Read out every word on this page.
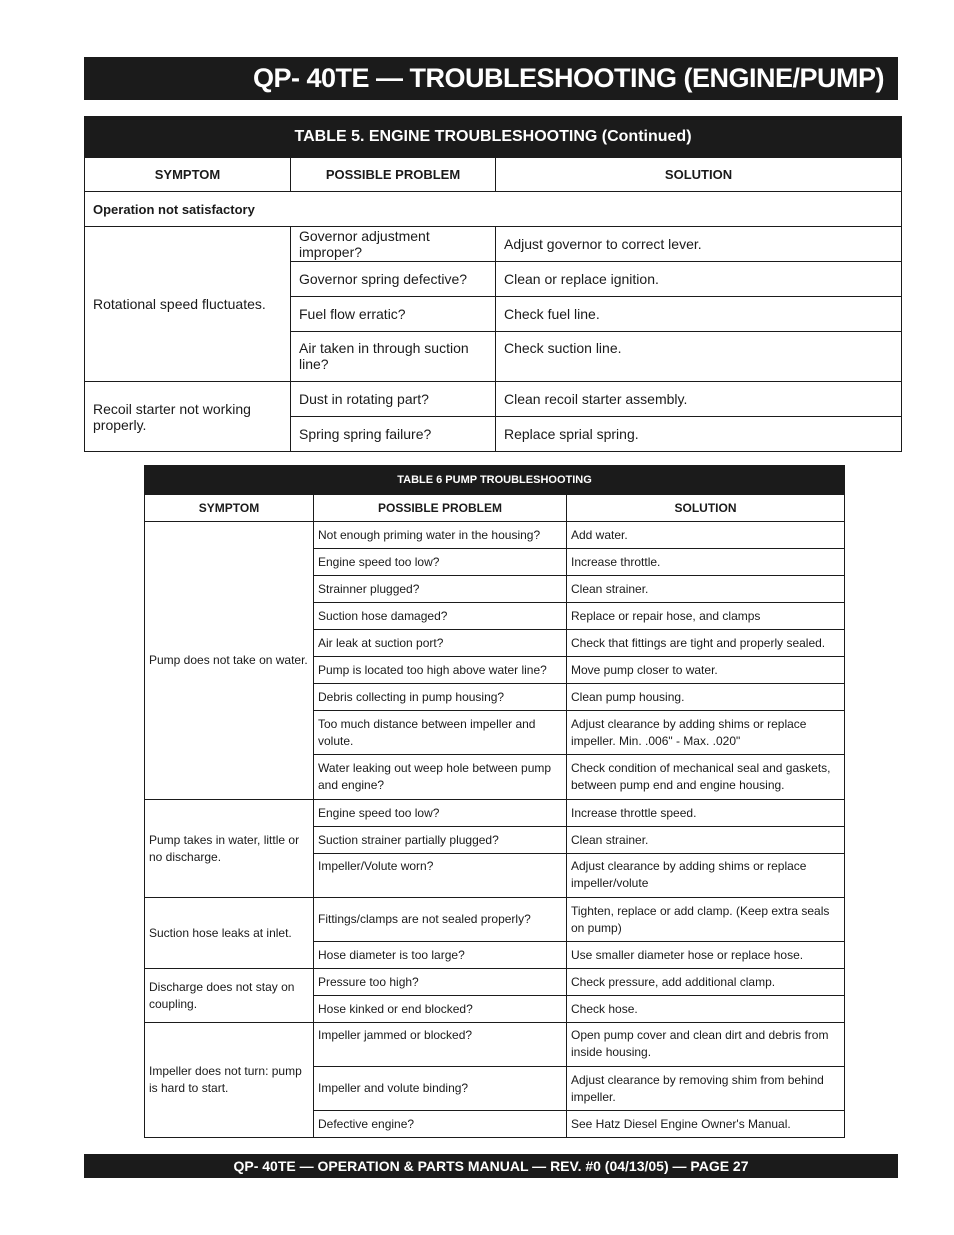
QP- 40TE — TROUBLESHOOTING (ENGINE/PUMP)
TABLE 5. ENGINE TROUBLESHOOTING (Continued)		
SYMPTOM	POSSIBLE PROBLEM	SOLUTION
Operation not satisfactory		
Rotational speed fluctuates.	Governor adjustment improper?	Adjust governor to correct lever.
	Governor spring defective?	Clean or replace ignition.
	Fuel flow erratic?	Check fuel line.
	Air taken in through suction line?	Check suction line.
Recoil starter not working properly.	Dust in rotating part?	Clean recoil starter assembly.
	Spring spring failure?	Replace sprial spring.
TABLE 6 PUMP TROUBLESHOOTING		
SYMPTOM	POSSIBLE PROBLEM	SOLUTION
Pump does not take on water.	Not enough priming water in the housing?	Add water.
	Engine speed too low?	Increase throttle.
	Strainner plugged?	Clean strainer.
	Suction hose damaged?	Replace or repair hose, and clamps
	Air leak at suction port?	Check that fittings are tight and properly sealed.
	Pump is located too high above water line?	Move pump closer to water.
	Debris collecting in pump housing?	Clean pump housing.
	Too much distance between impeller and volute.	Adjust clearance by adding shims or replace impeller. Min. .006" - Max. .020"
	Water leaking out weep hole between pump and engine?	Check condition of mechanical seal and gaskets, between pump end and engine housing.
Pump takes in water, little or no discharge.	Engine speed too low?	Increase throttle speed.
	Suction strainer partially plugged?	Clean strainer.
	Impeller/Volute worn?	Adjust clearance by adding shims or replace impeller/volute
Suction hose leaks at inlet.	Fittings/clamps are not sealed properly?	Tighten, replace or add clamp. (Keep extra seals on pump)
	Hose diameter is too large?	Use smaller diameter hose or replace hose.
Discharge does not stay on coupling.	Pressure too high?	Check pressure, add additional clamp.
	Hose kinked or end blocked?	Check hose.
Impeller does not turn: pump is hard to start.	Impeller jammed or blocked?	Open pump cover and clean dirt and debris from inside housing.
	Impeller and volute binding?	Adjust clearance by removing shim from behind impeller.
	Defective engine?	See Hatz Diesel Engine Owner's Manual.
QP- 40TE — OPERATION & PARTS MANUAL — REV. #0 (04/13/05) — PAGE 27
